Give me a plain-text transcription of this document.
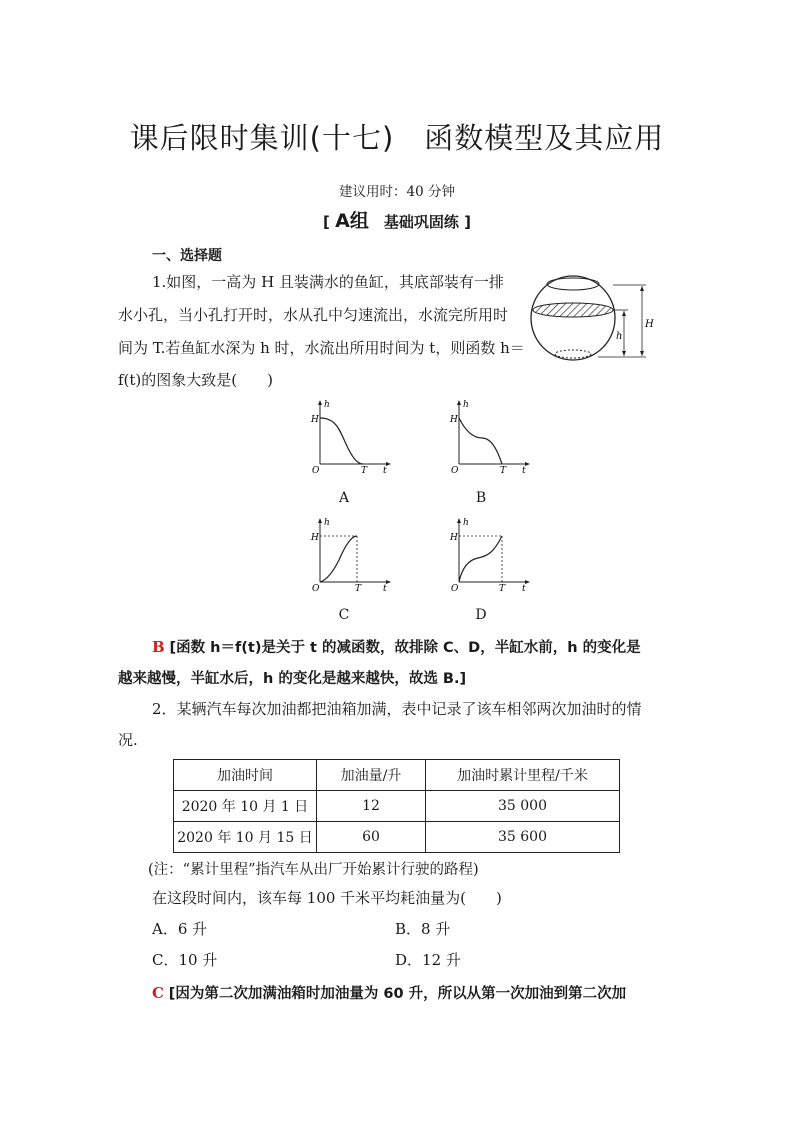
课后限时集训(十七)　函数模型及其应用
建议用时：40 分钟
[ A组　基础巩固练 ]
一、选择题
1.如图，一高为 H 且装满水的鱼缸，其底部装有一排
水小孔，当小孔打开时，水从孔中匀速流出，水流完所用时
间为 T.若鱼缸水深为 h 时，水流出所用时间为 t，则函数 h＝
f(t)的图象大致是(　　)
h
H
h
H
O	T t
A
h
H
O	T t
B
h
H
O	T t
C
h
H
O	T t
D
B [函数 h＝f(t)是关于 t 的减函数，故排除 C、D，半缸水前，h 的变化是
越来越慢，半缸水后，h 的变化是越来越快，故选 B.]
2．某辆汽车每次加油都把油箱加满，表中记录了该车相邻两次加油时的情
况.
加油时间	加油量/升	加油时累计里程/千米
2020 年 10 月 1 日	12	35 000
2020 年 10 月 15 日	60	35 600
(注：“累计里程”指汽车从出厂开始累计行驶的路程)
在这段时间内，该车每 100 千米平均耗油量为(　　)
A．6 升	B．8 升
C．10 升	D．12 升
C [因为第二次加满油箱时加油量为 60 升，所以从第一次加油到第二次加
